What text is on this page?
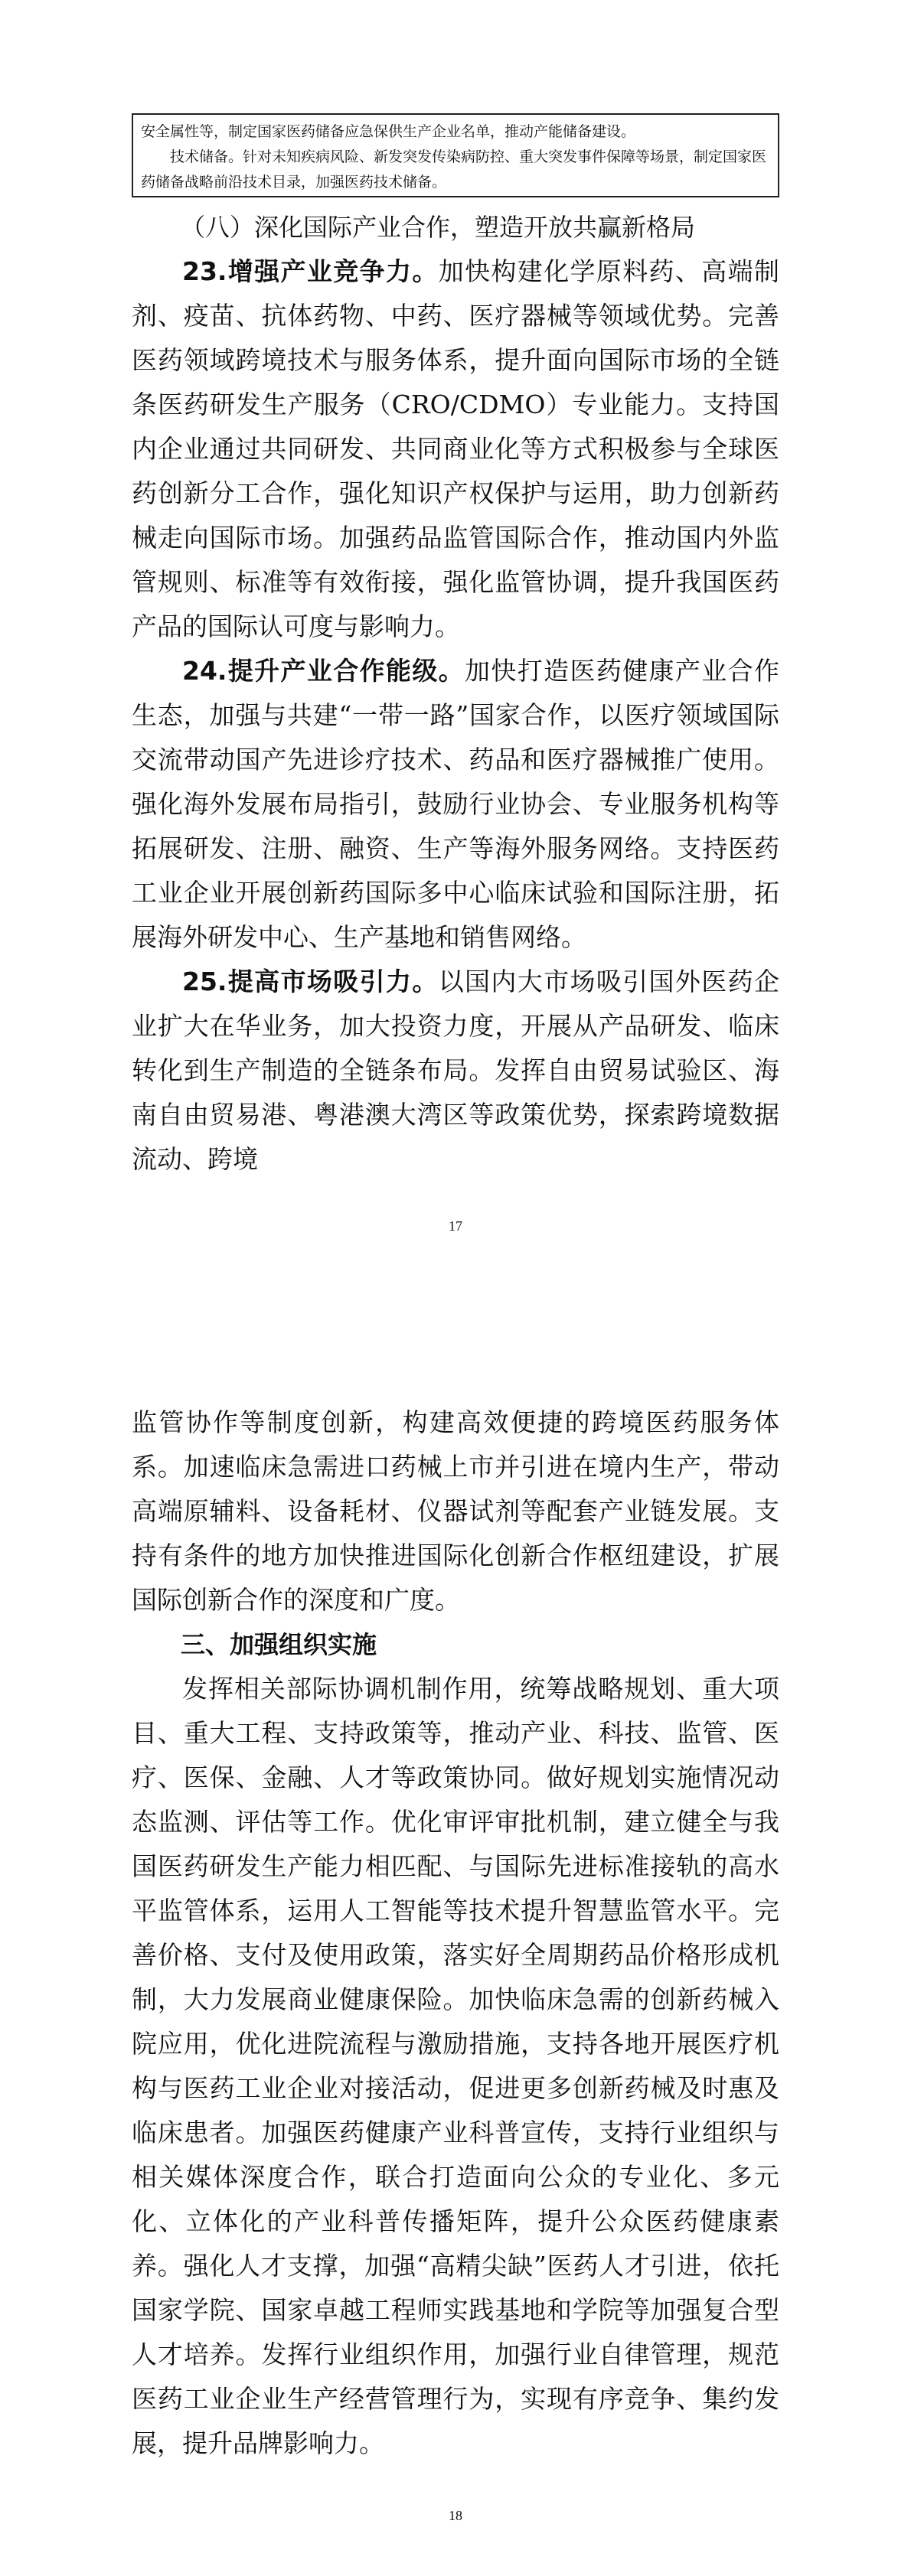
安全属性等，制定国家医药储备应急保供生产企业名单，推动产能储备建设。

技术储备。针对未知疾病风险、新发突发传染病防控、重大突发事件保障等场景，制定国家医药储备战略前沿技术目录，加强医药技术储备。

（八）深化国际产业合作，塑造开放共赢新格局

23.增强产业竞争力。加快构建化学原料药、高端制剂、疫苗、抗体药物、中药、医疗器械等领域优势。完善医药领域跨境技术与服务体系，提升面向国际市场的全链条医药研发生产服务（CRO/CDMO）专业能力。支持国内企业通过共同研发、共同商业化等方式积极参与全球医药创新分工合作，强化知识产权保护与运用，助力创新药械走向国际市场。加强药品监管国际合作，推动国内外监管规则、标准等有效衔接，强化监管协调，提升我国医药产品的国际认可度与影响力。

24.提升产业合作能级。加快打造医药健康产业合作生态，加强与共建“一带一路”国家合作，以医疗领域国际交流带动国产先进诊疗技术、药品和医疗器械推广使用。强化海外发展布局指引，鼓励行业协会、专业服务机构等拓展研发、注册、融资、生产等海外服务网络。支持医药工业企业开展创新药国际多中心临床试验和国际注册，拓展海外研发中心、生产基地和销售网络。

25.提高市场吸引力。以国内大市场吸引国外医药企业扩大在华业务，加大投资力度，开展从产品研发、临床转化到生产制造的全链条布局。发挥自由贸易试验区、海南自由贸易港、粤港澳大湾区等政策优势，探索跨境数据流动、跨境

17

监管协作等制度创新，构建高效便捷的跨境医药服务体系。加速临床急需进口药械上市并引进在境内生产，带动高端原辅料、设备耗材、仪器试剂等配套产业链发展。支持有条件的地方加快推进国际化创新合作枢纽建设，扩展国际创新合作的深度和广度。

三、加强组织实施

发挥相关部际协调机制作用，统筹战略规划、重大项目、重大工程、支持政策等，推动产业、科技、监管、医疗、医保、金融、人才等政策协同。做好规划实施情况动态监测、评估等工作。优化审评审批机制，建立健全与我国医药研发生产能力相匹配、与国际先进标准接轨的高水平监管体系，运用人工智能等技术提升智慧监管水平。完善价格、支付及使用政策，落实好全周期药品价格形成机制，大力发展商业健康保险。加快临床急需的创新药械入院应用，优化进院流程与激励措施，支持各地开展医疗机构与医药工业企业对接活动，促进更多创新药械及时惠及临床患者。加强医药健康产业科普宣传，支持行业组织与相关媒体深度合作，联合打造面向公众的专业化、多元化、立体化的产业科普传播矩阵，提升公众医药健康素养。强化人才支撑，加强“高精尖缺”医药人才引进，依托国家学院、国家卓越工程师实践基地和学院等加强复合型人才培养。发挥行业组织作用，加强行业自律管理，规范医药工业企业生产经营管理行为，实现有序竞争、集约发展，提升品牌影响力。

18
